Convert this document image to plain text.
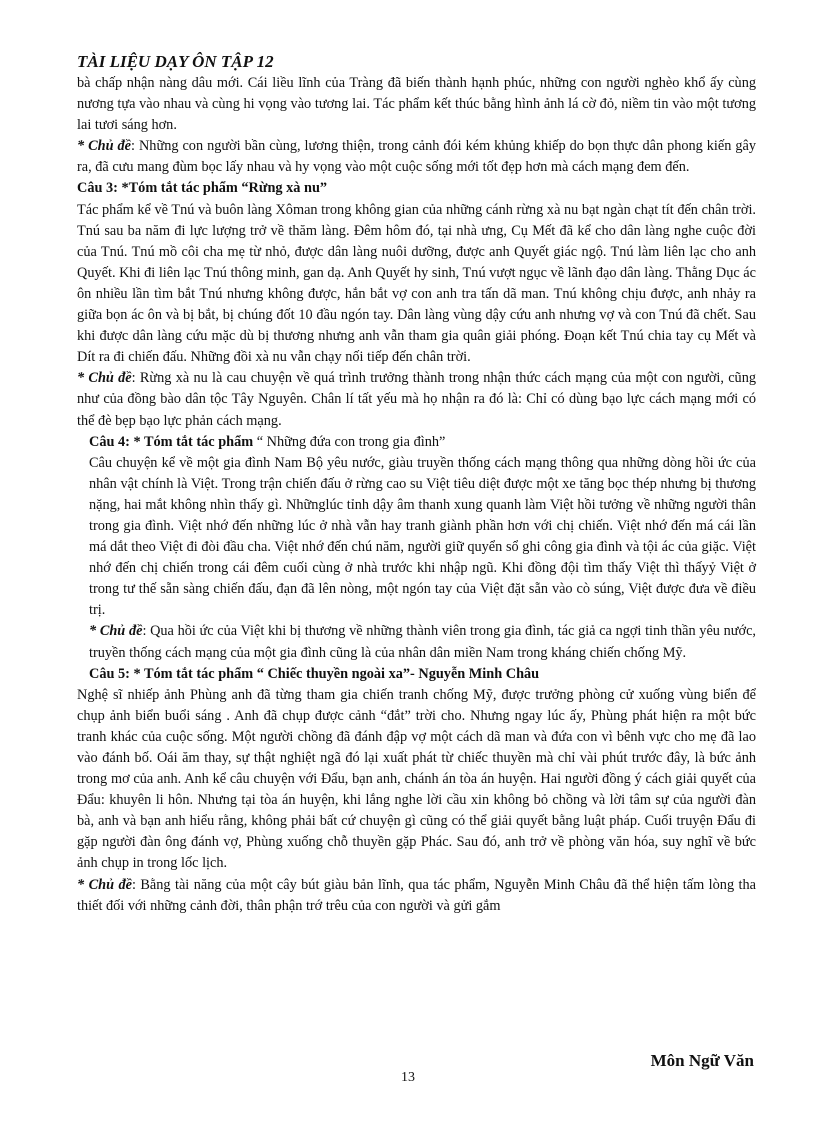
TÀI LIỆU DẠY ÔN TẬP 12

bà chấp nhận nàng dâu mới. Cái liều lĩnh của Tràng đã biến thành hạnh phúc, những con người nghèo khổ ấy cùng nương tựa vào nhau và cùng hi vọng vào tương lai. Tác phẩm kết thúc bằng hình ảnh lá cờ đỏ, niềm tin vào một tương lai tươi sáng hơn.

* Chủ đề: Những con người bần cùng, lương thiện, trong cảnh đói kém khủng khiếp do bọn thực dân phong kiến gây ra, đã cưu mang đùm bọc lấy nhau và hy vọng vào một cuộc sống mới tốt đẹp hơn mà cách mạng đem đến.

Câu 3: *Tóm tắt tác phẩm “Rừng xà nu”

Tác phẩm kể về Tnú và buôn làng Xôman trong không gian của những cánh rừng xà nu bạt ngàn chạt tít đến chân trời. Tnú sau ba năm đi lực lượng trở về thăm làng. Đêm hôm đó, tại nhà ưng, Cụ Mết đã kể cho dân làng nghe cuộc đời của Tnú. Tnú mồ côi cha mẹ từ nhỏ, được dân làng nuôi dưỡng, được anh Quyết giác ngộ. Tnú làm liên lạc cho anh Quyết. Khi đi liên lạc Tnú thông minh, gan dạ. Anh Quyết hy sinh, Tnú vượt ngục về lãnh đạo dân làng. Thằng Dục ác ôn nhiều lần tìm bắt Tnú nhưng không được, hắn bắt vợ con anh tra tấn dã man. Tnú không chịu được, anh nhảy ra giữa bọn ác ôn và bị bắt, bị chúng đốt 10 đầu ngón tay. Dân làng vùng dậy cứu anh nhưng vợ và con Tnú đã chết. Sau khi được dân làng cứu mặc dù bị thương nhưng anh vẫn tham gia quân giải phóng. Đoạn kết Tnú chia tay cụ Mết và Dít ra đi chiến đấu. Những đồi xà nu vẫn chạy nối tiếp đến chân trời.

* Chủ đề: Rừng xà nu là cau chuyện về quá trình trưởng thành trong nhận thức cách mạng của một con người, cũng như của đồng bào dân tộc Tây Nguyên. Chân lí tất yếu mà họ nhận ra đó là: Chỉ có dùng bạo lực cách mạng mới có thể đè bẹp bạo lực phản cách mạng.

Câu 4: * Tóm tắt tác phẩm “ Những đứa con trong gia đình”

Câu chuyện kể về một gia đình Nam Bộ yêu nước, giàu truyền thống cách mạng thông qua những dòng hồi ức của nhân vật chính là Việt. Trong trận chiến đấu ở rừng cao su Việt tiêu diệt được một xe tăng bọc thép nhưng bị thương nặng, hai mắt không nhìn thấy gì. Nhữnglúc tỉnh dậy âm thanh xung quanh làm Việt hồi tưởng về những người thân trong gia đình. Việt nhớ đến những lúc ở nhà vẫn hay tranh giành phần hơn với chị chiến. Việt nhớ đến má cái lần má dắt theo Việt đi đòi đầu cha. Việt nhớ đến chú năm, người giữ quyển sổ ghi công gia đình và tội ác của giặc. Việt nhớ đến chị chiến trong cái đêm cuối cùng ở nhà trước khi nhập ngũ. Khi đồng đội tìm thấy Việt thì thấyỷ Việt ở trong tư thế sẵn sàng chiến đấu, đạn đã lên nòng, một ngón tay của Việt đặt sẵn vào cò súng, Việt được đưa về điều trị.

* Chủ đề: Qua hồi ức của Việt khi bị thương về những thành viên trong gia đình, tác giả ca ngợi tinh thần yêu nước, truyền thống cách mạng của một gia đình cũng là của nhân dân miền Nam trong kháng chiến chống Mỹ.

Câu 5: * Tóm tắt tác phẩm “ Chiếc thuyền ngoài xa”- Nguyễn Minh Châu

Nghệ sĩ nhiếp ảnh Phùng anh đã từng tham gia chiến tranh chống Mỹ, được trưởng phòng cử xuống vùng biển để chụp ảnh biển buổi sáng . Anh đã chụp được cảnh “đắt” trời cho. Nhưng ngay lúc ấy, Phùng phát hiện ra một bức tranh khác của cuộc sống. Một người chồng đã đánh đập vợ một cách dã man và đứa con vì bênh vực cho mẹ đã lao vào đánh bố. Oái ăm thay, sự thật nghiệt ngã đó lại xuất phát từ chiếc thuyền mà chỉ vài phút trước đây, là bức ảnh trong mơ của anh. Anh kể câu chuyện với Đẩu, bạn anh, chánh án tòa án huyện. Hai người đồng ý cách giải quyết của Đẩu: khuyên li hôn. Nhưng tại tòa án huyện, khi lắng nghe lời cầu xin không bỏ chồng và lời tâm sự của người đàn bà, anh và bạn anh hiểu rằng, không phải bất cứ chuyện gì cũng có thể giải quyết bằng luật pháp. Cuối truyện Đẩu đi gặp người đàn ông đánh vợ, Phùng xuống chỗ thuyền gặp Phác. Sau đó, anh trở về phòng văn hóa, suy nghĩ về bức ảnh chụp in trong lốc lịch.

* Chủ đề: Bằng tài năng của một cây bút giàu bản lĩnh, qua tác phẩm, Nguyễn Minh Châu đã thể hiện tấm lòng tha thiết đối với những cảnh đời, thân phận trớ trêu của con người và gửi gắm

Môn Ngữ Văn
13
